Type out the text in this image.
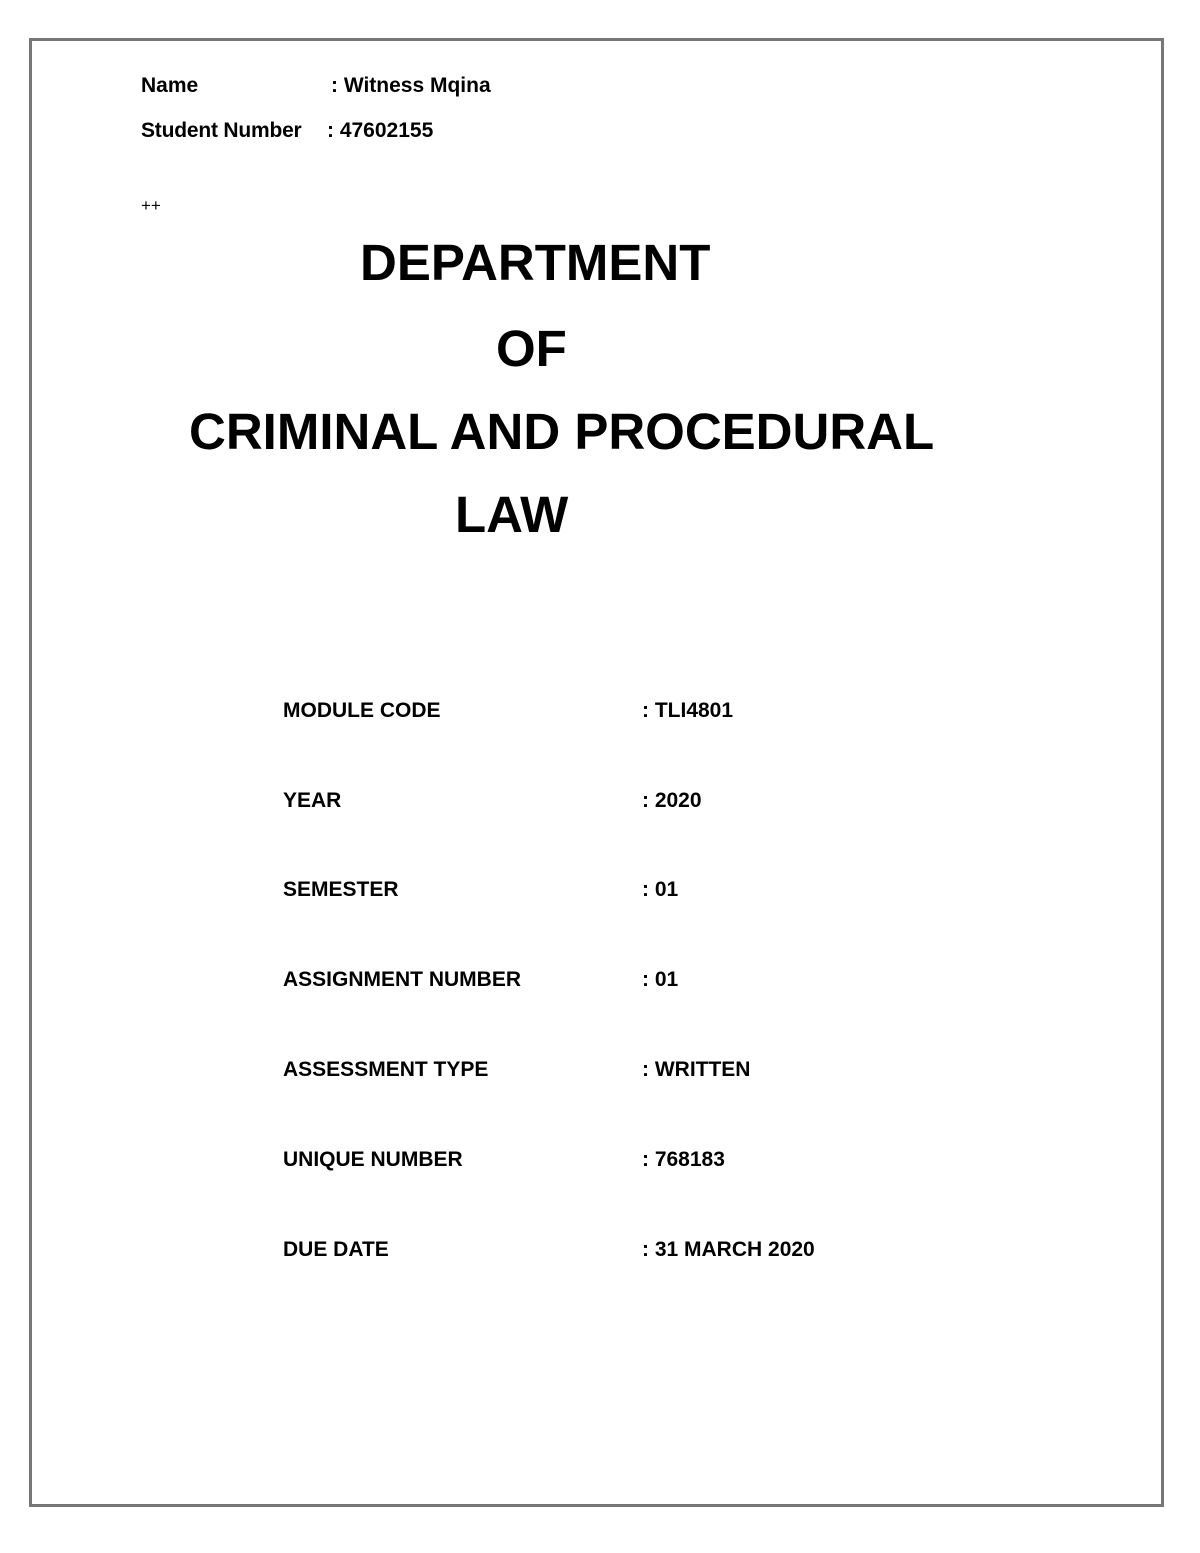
Name	: Witness Mqina
Student Number : 47602155
++
DEPARTMENT
OF
CRIMINAL AND PROCEDURAL
LAW
MODULE CODE	: TLI4801
YEAR	: 2020
SEMESTER	: 01
ASSIGNMENT NUMBER	: 01
ASSESSMENT TYPE	: WRITTEN
UNIQUE NUMBER	: 768183
DUE DATE	: 31 MARCH 2020
